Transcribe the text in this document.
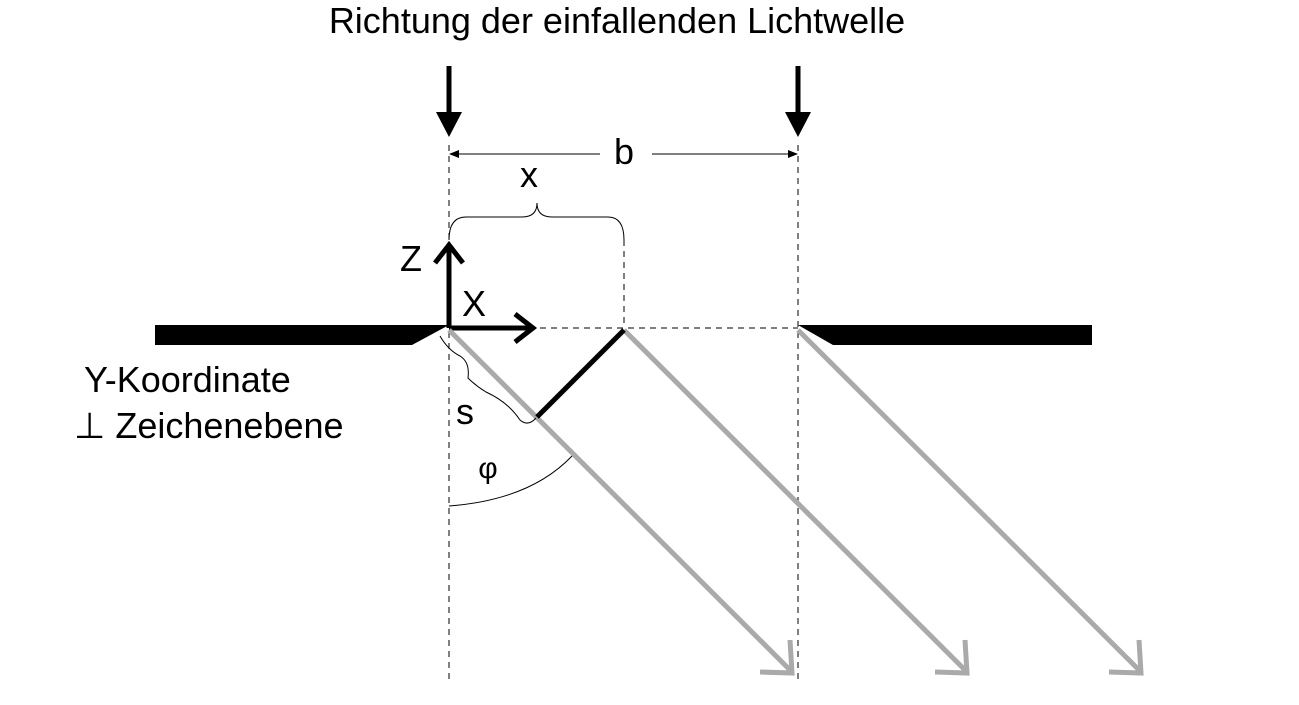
Richtung der einfallenden Lichtwelle
b
x
Z
X
s
φ
Y-Koordinate
⊥ Zeichenebene
